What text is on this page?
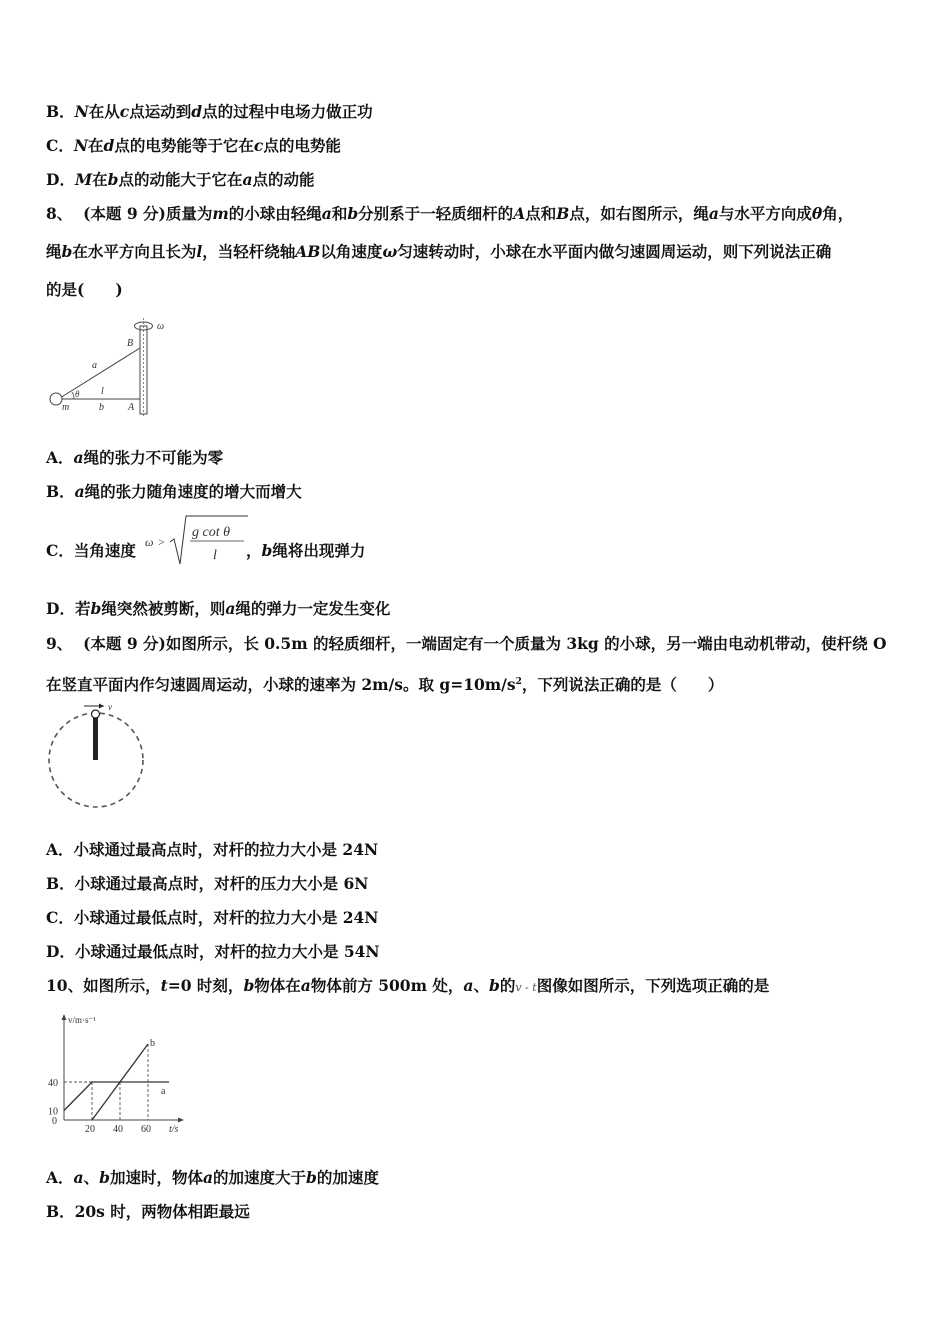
B．N在从c点运动到d点的过程中电场力做正功
C．N在d点的电势能等于它在c点的电势能
D．M在b点的动能大于它在a点的动能
8、 (本题 9 分)质量为m的小球由轻绳a和b分别系于一轻质细杆的A点和B点，如右图所示，绳a与水平方向成θ角，
绳b在水平方向且长为l，当轻杆绕轴AB以角速度ω匀速转动时，小球在水平面内做匀速圆周运动，则下列说法正确
的是(　　)
ω
B
a
θ l
m	b A
A．a绳的张力不可能为零
B．a绳的张力随角速度的增大而增大
C．当角速度 ω >
g cot θ
l ，b绳将出现弹力
D．若b绳突然被剪断，则a绳的弹力一定发生变化
9、 (本题 9 分)如图所示，长 0.5m 的轻质细杆，一端固定有一个质量为 3kg 的小球，另一端由电动机带动，使杆绕 O
在竖直平面内作匀速圆周运动，小球的速率为 2m/s。取 $g=10m/s^2$，下列说法正确的是（　　）
v
A．小球通过最高点时，对杆的拉力大小是 24N
B．小球通过最高点时，对杆的压力大小是 6N
C．小球通过最低点时，对杆的拉力大小是 24N
D．小球通过最低点时，对杆的拉力大小是 54N
10、如图所示，t=0 时刻，b物体在a物体前方 500m 处，a、b的v - t图像如图所示，下列选项正确的是
v/m·s⁻¹
t/s
0
20 40 60
10
40
a
b
A．a、b加速时，物体a的加速度大于b的加速度
B．20s 时，两物体相距最远
